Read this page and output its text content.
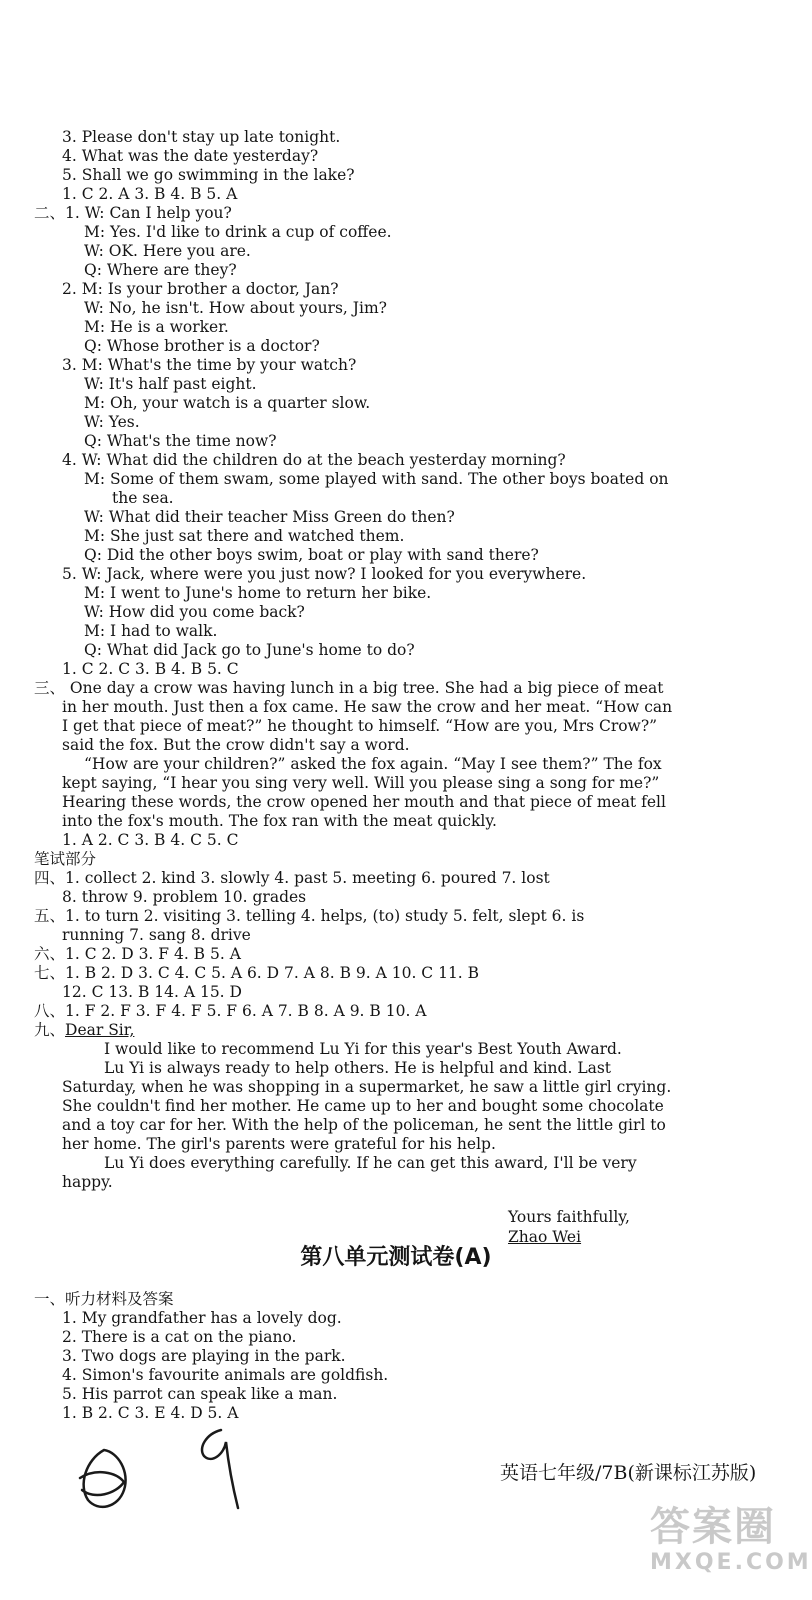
3. Please don't stay up late tonight.
4. What was the date yesterday?
5. Shall we go swimming in the lake?
1. C 2. A 3. B 4. B 5. A
二、1. W: Can I help you?
M: Yes. I'd like to drink a cup of coffee.
W: OK. Here you are.
Q: Where are they?
2. M: Is your brother a doctor, Jan?
W: No, he isn't. How about yours, Jim?
M: He is a worker.
Q: Whose brother is a doctor?
3. M: What's the time by your watch?
W: It's half past eight.
M: Oh, your watch is a quarter slow.
W: Yes.
Q: What's the time now?
4. W: What did the children do at the beach yesterday morning?
M: Some of them swam, some played with sand. The other boys boated on
the sea.
W: What did their teacher Miss Green do then?
M: She just sat there and watched them.
Q: Did the other boys swim, boat or play with sand there?
5. W: Jack, where were you just now? I looked for you everywhere.
M: I went to June's home to return her bike.
W: How did you come back?
M: I had to walk.
Q: What did Jack go to June's home to do?
1. C 2. C 3. B 4. B 5. C
三、 One day a crow was having lunch in a big tree. She had a big piece of meat
in her mouth. Just then a fox came. He saw the crow and her meat. “How can
I get that piece of meat?” he thought to himself. “How are you, Mrs Crow?”
said the fox. But the crow didn't say a word.
“How are your children?” asked the fox again. “May I see them?” The fox
kept saying, “I hear you sing very well. Will you please sing a song for me?”
Hearing these words, the crow opened her mouth and that piece of meat fell
into the fox's mouth. The fox ran with the meat quickly.
1. A 2. C 3. B 4. C 5. C
笔试部分
四、1. collect 2. kind 3. slowly 4. past 5. meeting 6. poured 7. lost
8. throw 9. problem 10. grades
五、1. to turn 2. visiting 3. telling 4. helps, (to) study 5. felt, slept 6. is
running 7. sang 8. drive
六、1. C 2. D 3. F 4. B 5. A
七、1. B 2. D 3. C 4. C 5. A 6. D 7. A 8. B 9. A 10. C 11. B
12. C 13. B 14. A 15. D
八、1. F 2. F 3. F 4. F 5. F 6. A 7. B 8. A 9. B 10. A
I would like to recommend Lu Yi for this year's Best Youth Award.
Lu Yi is always ready to help others. He is helpful and kind. Last
Saturday, when he was shopping in a supermarket, he saw a little girl crying.
She couldn't find her mother. He came up to her and bought some chocolate
and a toy car for her. With the help of the policeman, he sent the little girl to
her home. The girl's parents were grateful for his help.
Lu Yi does everything carefully. If he can get this award, I'll be very
happy.
Yours faithfully,
一、听力材料及答案
1. My grandfather has a lovely dog.
2. There is a cat on the piano.
3. Two dogs are playing in the park.
4. Simon's favourite animals are goldfish.
5. His parrot can speak like a man.
1. B 2. C 3. E 4. D 5. A
九、Dear Sir,
Zhao Wei
第八单元测试卷(A)
英语七年级/7B(新课标江苏版)
答案圈
MXQE.COM
